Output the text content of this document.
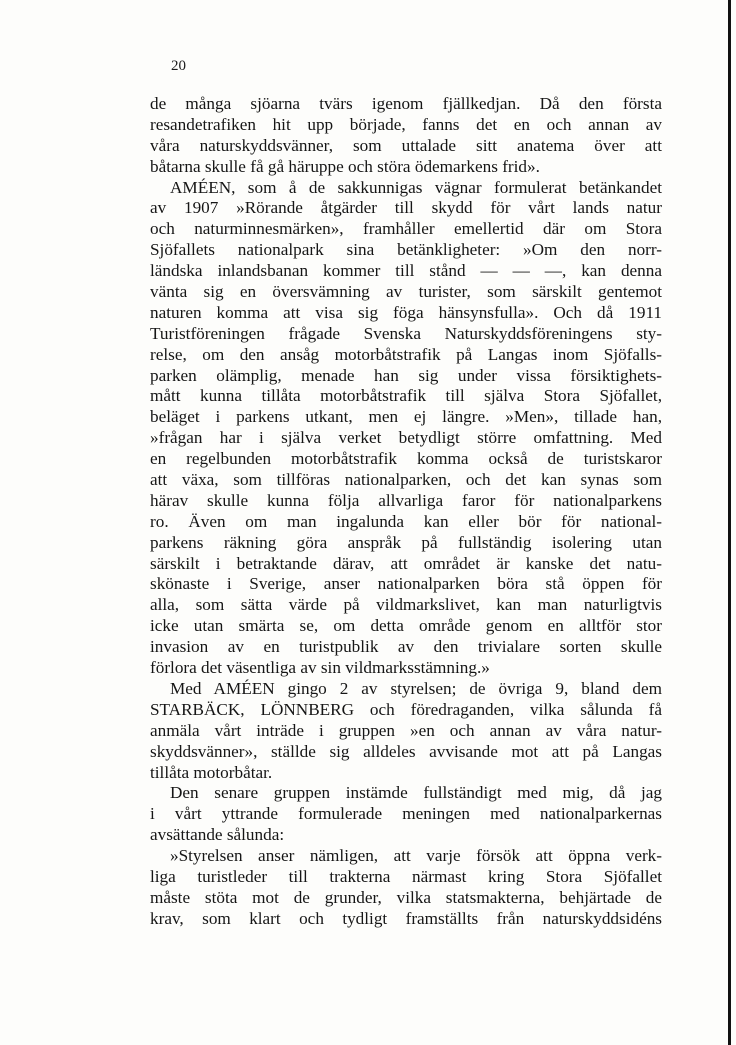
20
de många sjöarna tvärs igenom fjällkedjan. Då den första
resandetrafiken hit upp började, fanns det en och annan av
våra naturskyddsvänner, som uttalade sitt anatema över att
båtarna skulle få gå häruppe och störa ödemarkens frid».
AMÉEN, som å de sakkunnigas vägnar formulerat betänkandet
av 1907 »Rörande åtgärder till skydd för vårt lands natur
och naturminnesmärken», framhåller emellertid där om Stora
Sjöfallets nationalpark sina betänkligheter: »Om den norr-
ländska inlandsbanan kommer till stånd — — —, kan denna
vänta sig en översvämning av turister, som särskilt gentemot
naturen komma att visa sig föga hänsynsfulla». Och då 1911
Turistföreningen frågade Svenska Naturskyddsföreningens sty-
relse, om den ansåg motorbåtstrafik på Langas inom Sjöfalls-
parken olämplig, menade han sig under vissa försiktighets-
mått kunna tillåta motorbåtstrafik till själva Stora Sjöfallet,
beläget i parkens utkant, men ej längre. »Men», tillade han,
»frågan har i själva verket betydligt större omfattning. Med
en regelbunden motorbåtstrafik komma också de turistskaror
att växa, som tillföras nationalparken, och det kan synas som
härav skulle kunna följa allvarliga faror för nationalparkens
ro. Även om man ingalunda kan eller bör för national-
parkens räkning göra anspråk på fullständig isolering utan
särskilt i betraktande därav, att området är kanske det natu-
skönaste i Sverige, anser nationalparken böra stå öppen för
alla, som sätta värde på vildmarkslivet, kan man naturligtvis
icke utan smärta se, om detta område genom en alltför stor
invasion av en turistpublik av den trivialare sorten skulle
förlora det väsentliga av sin vildmarksstämning.»
Med AMÉEN gingo 2 av styrelsen; de övriga 9, bland dem
STARBÄCK, LÖNNBERG och föredraganden, vilka sålunda få
anmäla vårt inträde i gruppen »en och annan av våra natur-
skyddsvänner», ställde sig alldeles avvisande mot att på Langas
tillåta motorbåtar.
Den senare gruppen instämde fullständigt med mig, då jag
i vårt yttrande formulerade meningen med nationalparkernas
avsättande sålunda:
»Styrelsen anser nämligen, att varje försök att öppna verk-
liga turistleder till trakterna närmast kring Stora Sjöfallet
måste stöta mot de grunder, vilka statsmakterna, behjärtade de
krav, som klart och tydligt framställts från naturskyddsidéns
